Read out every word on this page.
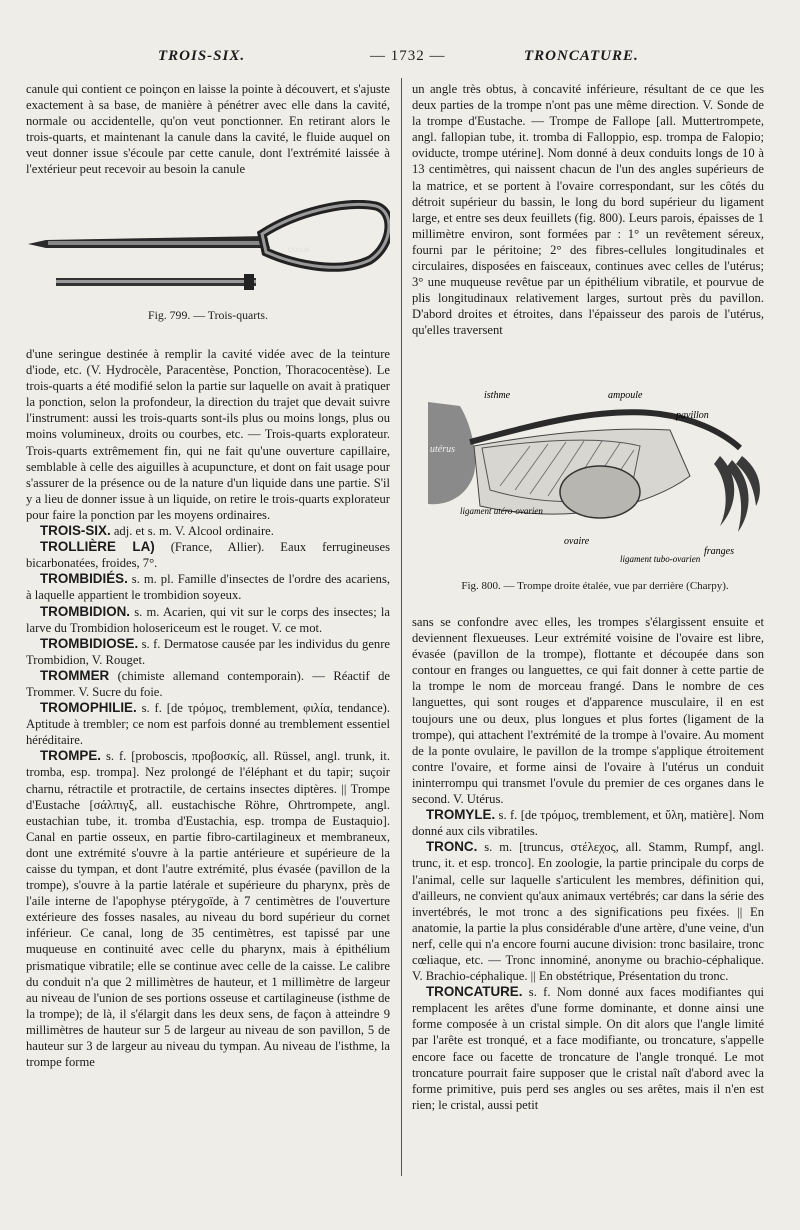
TROIS-SIX.	— 1732 —	TRONCATURE.

canule qui contient ce poinçon en laisse la pointe à découvert, et s'ajuste exactement à sa base, de manière à pénétrer avec elle dans la cavité, normale ou accidentelle, qu'on veut ponctionner. En retirant alors le trois-quarts, et maintenant la canule dans la cavité, le fluide auquel on veut donner issue s'écoule par cette canule, dont l'extrémité laissée à l'extérieur peut recevoir au besoin la canule

COLLIN
Fig. 799. — Trois-quarts.

d'une seringue destinée à remplir la cavité vidée avec de la teinture d'iode, etc. (V. Hydrocèle, Paracentèse, Ponction, Thoracocentèse). Le trois-quarts a été modifié selon la partie sur laquelle on avait à pratiquer la ponction, selon la profondeur, la direction du trajet que devait suivre l'instrument: aussi les trois-quarts sont-ils plus ou moins longs, plus ou moins volumineux, droits ou courbes, etc. — Trois-quarts explorateur. Trois-quarts extrêmement fin, qui ne fait qu'une ouverture capillaire, semblable à celle des aiguilles à acupuncture, et dont on fait usage pour s'assurer de la présence ou de la nature d'un liquide dans une partie. S'il y a lieu de donner issue à un liquide, on retire le trois-quarts explorateur pour faire la ponction par les moyens ordinaires.

TROIS-SIX. adj. et s. m. V. Alcool ordinaire.

TROLLIÈRE LA) (France, Allier). Eaux ferrugineuses bicarbonatées, froides, 7°.

TROMBIDIÉS. s. m. pl. Famille d'insectes de l'ordre des acariens, à laquelle appartient le trombidion soyeux.

TROMBIDION. s. m. Acarien, qui vit sur le corps des insectes; la larve du Trombidion holosericeum est le rouget. V. ce mot.

TROMBIDIOSE. s. f. Dermatose causée par les individus du genre Trombidion, V. Rouget.

TROMMER (chimiste allemand contemporain). — Réactif de Trommer. V. Sucre du foie.

TROMOPHILIE. s. f. [de τρόμος, tremblement, φιλία, tendance). Aptitude à trembler; ce nom est parfois donné au tremblement essentiel héréditaire.

TROMPE. s. f. [proboscis, προβοσκίς, all. Rüssel, angl. trunk, it. tromba, esp. trompa]. Nez prolongé de l'éléphant et du tapir; suçoir charnu, rétractile et protractile, de certains insectes diptères. || Trompe d'Eustache [σάλπιγξ, all. eustachische Röhre, Ohrtrompete, angl. eustachian tube, it. tromba d'Eustachia, esp. trompa de Eustaquio]. Canal en partie osseux, en partie fibro-cartilagineux et membraneux, dont une extrémité s'ouvre à la partie antérieure et supérieure de la caisse du tympan, et dont l'autre extrémité, plus évasée (pavillon de la trompe), s'ouvre à la partie latérale et supérieure du pharynx, près de l'aile interne de l'apophyse ptérygoïde, à 7 centimètres de l'ouverture extérieure des fosses nasales, au niveau du bord supérieur du cornet inférieur. Ce canal, long de 35 centimètres, est tapissé par une muqueuse en continuité avec celle du pharynx, mais à épithélium prismatique vibratile; elle se continue avec celle de la caisse. Le calibre du conduit n'a que 2 millimètres de hauteur, et 1 millimètre de largeur au niveau de l'union de ses portions osseuse et cartilagineuse (isthme de la trompe); de là, il s'élargit dans les deux sens, de façon à atteindre 9 millimètres de hauteur sur 5 de largeur au niveau de son pavillon, 5 de hauteur sur 3 de largeur au niveau du tympan. Au niveau de l'isthme, la trompe forme

un angle très obtus, à concavité inférieure, résultant de ce que les deux parties de la trompe n'ont pas une même direction. V. Sonde de la trompe d'Eustache. — Trompe de Fallope [all. Muttertrompete, angl. fallopian tube, it. tromba di Falloppio, esp. trompa de Falopio; oviducte, trompe utérine]. Nom donné à deux conduits longs de 10 à 13 centimètres, qui naissent chacun de l'un des angles supérieurs de la matrice, et se portent à l'ovaire correspondant, sur les côtés du détroit supérieur du bassin, le long du bord supérieur du ligament large, et entre ses deux feuillets (fig. 800). Leurs parois, épaisses de 1 millimètre environ, sont formées par : 1° un revêtement séreux, fourni par le péritoine; 2° des fibres-cellules longitudinales et circulaires, disposées en faisceaux, continues avec celles de l'utérus; 3° une muqueuse revêtue par un épithélium vibratile, et pourvue de plis longitudinaux relativement larges, surtout près du pavillon. D'abord droites et étroites, dans l'épaisseur des parois de l'utérus, qu'elles traversent

isthme	ampoule
pavillon
utérus
ligament utéro-ovarien
ovaire
ligament tubo-ovarien
franges
Fig. 800. — Trompe droite étalée, vue par derrière (Charpy).

sans se confondre avec elles, les trompes s'élargissent ensuite et deviennent flexueuses. Leur extrémité voisine de l'ovaire est libre, évasée (pavillon de la trompe), flottante et découpée dans son contour en franges ou languettes, ce qui fait donner à cette partie de la trompe le nom de morceau frangé. Dans le nombre de ces languettes, qui sont rouges et d'apparence musculaire, il en est toujours une ou deux, plus longues et plus fortes (ligament de la trompe), qui attachent l'extrémité de la trompe à l'ovaire. Au moment de la ponte ovulaire, le pavillon de la trompe s'applique étroitement contre l'ovaire, et forme ainsi de l'ovaire à l'utérus un conduit ininterrompu qui transmet l'ovule du premier de ces organes dans le second. V. Utérus.

TROMYLE. s. f. [de τρόμος, tremblement, et ὕλη, matière]. Nom donné aux cils vibratiles.

TRONC. s. m. [truncus, στέλεχος, all. Stamm, Rumpf, angl. trunc, it. et esp. tronco]. En zoologie, la partie principale du corps de l'animal, celle sur laquelle s'articulent les membres, définition qui, d'ailleurs, ne convient qu'aux animaux vertébrés; car dans la série des invertébrés, le mot tronc a des significations peu fixées. || En anatomie, la partie la plus considérable d'une artère, d'une veine, d'un nerf, celle qui n'a encore fourni aucune division: tronc basilaire, tronc cœliaque, etc. — Tronc innominé, anonyme ou brachio-céphalique. V. Brachio-céphalique. || En obstétrique, Présentation du tronc.

TRONCATURE. s. f. Nom donné aux faces modifiantes qui remplacent les arêtes d'une forme dominante, et donne ainsi une forme composée à un cristal simple. On dit alors que l'angle limité par l'arête est tronqué, et a face modifiante, ou troncature, s'appelle encore face ou facette de troncature de l'angle tronqué. Le mot troncature pourrait faire supposer que le cristal naît d'abord avec la forme primitive, puis perd ses angles ou ses arêtes, mais il n'en est rien; le cristal, aussi petit
